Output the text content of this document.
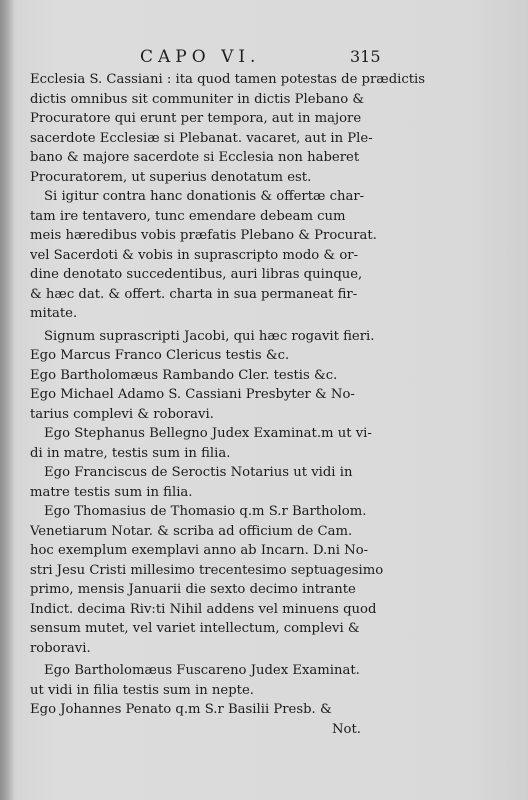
CAPO VI.	315
Ecclesia S. Cassiani : ita quod tamen potestas de prædictis
dictis omnibus sit communiter in dictis Plebano &
Procuratore qui erunt per tempora, aut in majore
sacerdote Ecclesiæ si Plebanat. vacaret, aut in Ple-
bano & majore sacerdote si Ecclesia non haberet
Procuratorem, ut superius denotatum est.
Si igitur contra hanc donationis & offertæ char-
tam ire tentavero, tunc emendare debeam cum
meis hæredibus vobis præfatis Plebano & Procurat.
vel Sacerdoti & vobis in suprascripto modo & or-
dine denotato succedentibus, auri libras quinque,
& hæc dat. & offert. charta in sua permaneat fir-
mitate.
Signum suprascripti Jacobi, qui hæc rogavit fieri.
Ego Marcus Franco Clericus testis &c.
Ego Bartholomæus Rambando Cler. testis &c.
Ego Michael Adamo S. Cassiani Presbyter & No-
tarius complevi & roboravi.
Ego Stephanus Bellegno Judex Examinat.m ut vi-
di in matre, testis sum in filia.
Ego Franciscus de Seroctis Notarius ut vidi in
matre testis sum in filia.
Ego Thomasius de Thomasio q.m S.r Bartholom.
Venetiarum Notar. & scriba ad officium de Cam.
hoc exemplum exemplavi anno ab Incarn. D.ni No-
stri Jesu Cristi millesimo trecentesimo septuagesimo
primo, mensis Januarii die sexto decimo intrante
Indict. decima Riv:ti Nihil addens vel minuens quod
sensum mutet, vel variet intellectum, complevi &
roboravi.
Ego Bartholomæus Fuscareno Judex Examinat.
ut vidi in filia testis sum in nepte.
Ego Johannes Penato q.m S.r Basilii Presb. &
Not.
